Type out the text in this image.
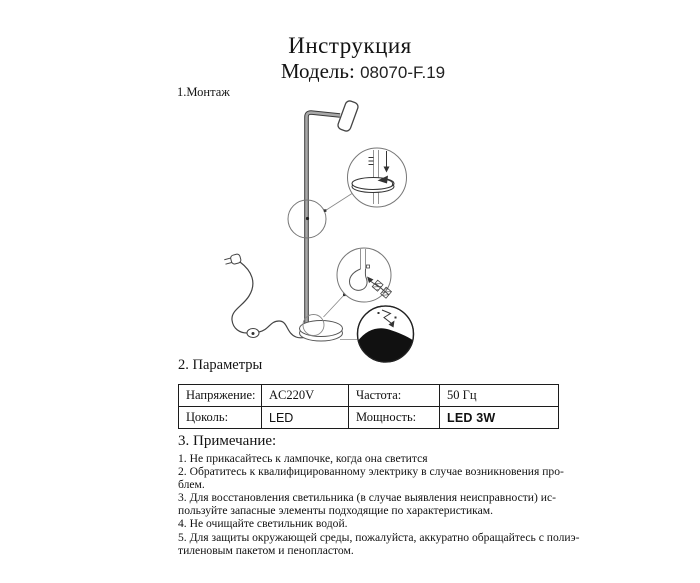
Инструкция
Модель: 08070-F.19
1.Монтаж
2. Параметры
Напряжение:	AC220V	Частота:	50 Гц
Цоколь:	LED	Мощность:	LED 3W
3. Примечание:
1. Не прикасайтесь к лампочке, когда она светится
2. Обратитесь к квалифицированному электрику в случае возникновения про-
блем.
3. Для восстановления светильника (в случае выявления неисправности) ис-
пользуйте запасные элементы подходящие по характеристикам.
4. Не очищайте светильник водой.
5. Для защиты окружающей среды, пожалуйста, аккуратно обращайтесь с полиэ-
тиленовым пакетом и пенопластом.
